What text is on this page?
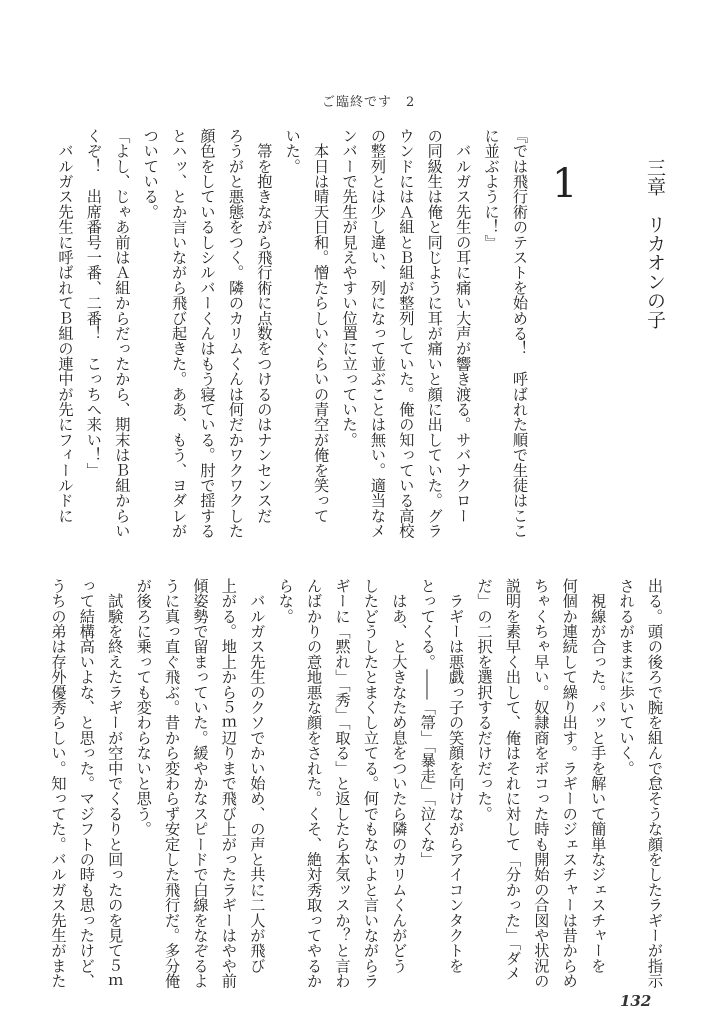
ご臨終です　2
三章　リカオンの子
1
『では飛行術のテストを始める！　呼ばれた順で生徒はここ
に並ぶように！』
　バルガス先生の耳に痛い大声が響き渡る。サバナクロー
の同級生は俺と同じように耳が痛いと顔に出していた。グラ
ウンドにはＡ組とＢ組が整列していた。俺の知っている高校
の整列とは少し違い、列になって並ぶことは無い。適当なメ
ンバーで先生が見えやすい位置に立っていた。
　本日は晴天日和。憎たらしいぐらいの青空が俺を笑って
いた。
　箒を抱きながら飛行術に点数をつけるのはナンセンスだ
ろうがと悪態をつく。隣のカリムくんは何だかワクワクした
顔色をしているしシルバーくんはもう寝ている。肘で揺する
とハッ、とか言いながら飛び起きた。ああ、もう、ヨダレが
ついている。
「よし、じゃあ前はＡ組からだったから、期末はＢ組からい
くぞ！　出席番号一番、二番！　こっちへ来い！」
　バルガス先生に呼ばれてＢ組の連中が先にフィールドに
出る。頭の後ろで腕を組んで怠そうな顔をしたラギーが指示
されるがままに歩いていく。
　視線が合った。パッと手を解いて簡単なジェスチャーを
何個か連続して繰り出す。ラギーのジェスチャーは昔からめ
ちゃくちゃ早い。奴隷商をボコった時も開始の合図や状況の
説明を素早く出して、俺はそれに対して「分かった」「ダメ
だ」の二択を選択するだけだった。
　ラギーは悪戯っ子の笑顔を向けながらアイコンタクトを
とってくる。――「箒」「暴走」「泣くな」
　はあ、と大きなため息をついたら隣のカリムくんがどう
したどうしたとまくし立てる。何でもないよと言いながらラ
ギーに「黙れ」「秀」「取る」と返したら本気ッスか？と言わ
んばかりの意地悪な顔をされた。くそ、絶対秀取ってやるか
らな。
　バルガス先生のクソでかい始め、の声と共に二人が飛び
上がる。地上から５ｍ辺りまで飛び上がったラギーはやや前
傾姿勢で留まっていた。緩やかなスピードで白線をなぞるよ
うに真っ直ぐ飛ぶ。昔から変わらず安定した飛行だ。多分俺
が後ろに乗っても変わらないと思う。
　試験を終えたラギーが空中でくるりと回ったのを見て５ｍ
って結構高いよな、と思った。マジフトの時も思ったけど、
うちの弟は存外優秀らしい。知ってた。バルガス先生がまた
132
